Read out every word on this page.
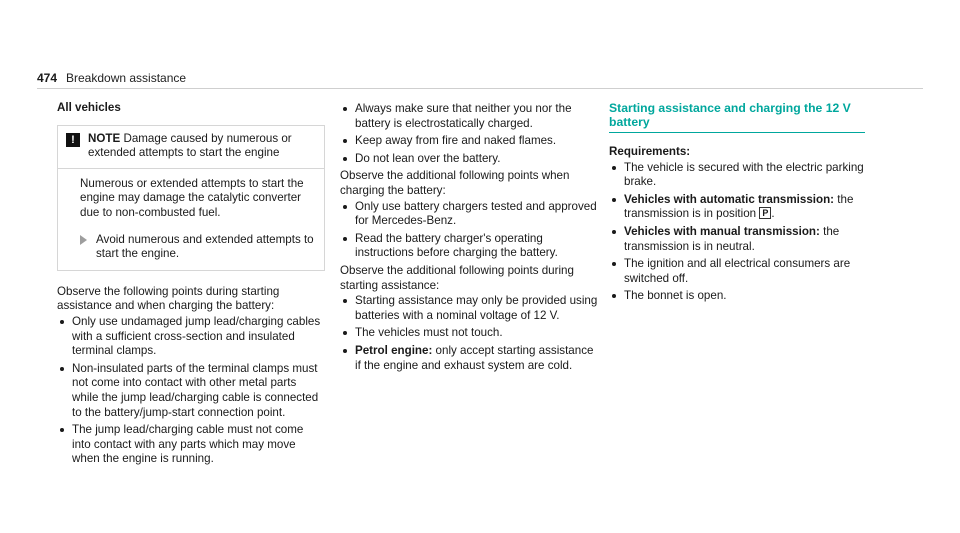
474 Breakdown assistance
All vehicles
!	NOTE Damage caused by numerous or extended attempts to start the engine

Numerous or extended attempts to start the engine may damage the catalytic converter due to non-combusted fuel.

Avoid numerous and extended attempts to start the engine.

Observe the following points during starting assistance and when charging the battery:

Only use undamaged jump lead/charging cables with a sufficient cross-section and insulated terminal clamps.
Non-insulated parts of the terminal clamps must not come into contact with other metal parts while the jump lead/charging cable is connected to the battery/jump-start connection point.
The jump lead/charging cable must not come into contact with any parts which may move when the engine is running.
Always make sure that neither you nor the battery is electrostatically charged.
Keep away from fire and naked flames.
Do not lean over the battery.

Observe the additional following points when charging the battery:

Only use battery chargers tested and approved for Mercedes-Benz.
Read the battery charger's operating instructions before charging the battery.

Observe the additional following points during starting assistance:

Starting assistance may only be provided using batteries with a nominal voltage of 12 V.
The vehicles must not touch.
Petrol engine: only accept starting assistance if the engine and exhaust system are cold.
Starting assistance and charging the 12 V battery
Requirements:
The vehicle is secured with the electric parking brake.
Vehicles with automatic transmission: the transmission is in position P .
Vehicles with manual transmission: the transmission is in neutral.
The ignition and all electrical consumers are switched off.
The bonnet is open.
